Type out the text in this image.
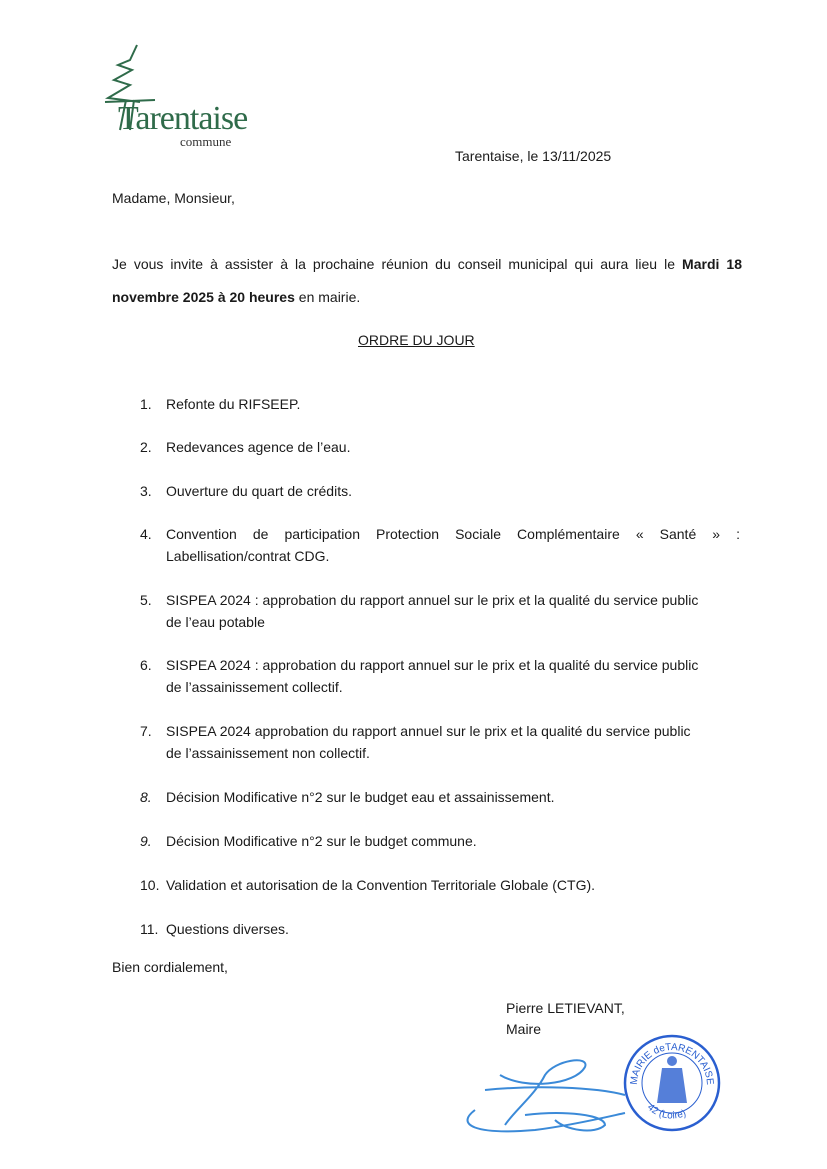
Tarentaise
commune
Tarentaise, le 13/11/2025
Madame, Monsieur,
Je vous invite à assister à la prochaine réunion du conseil municipal qui aura lieu le Mardi 18
novembre 2025 à 20 heures en mairie.
ORDRE DU JOUR
1. Refonte du RIFSEEP.
2. Redevances agence de l’eau.
3. Ouverture du quart de crédits.
4. Convention de participation Protection Sociale Complémentaire « Santé » :
Labellisation/contrat CDG.
5. SISPEA 2024 : approbation du rapport annuel sur le prix et la qualité du service public
de l’eau potable
6. SISPEA 2024 : approbation du rapport annuel sur le prix et la qualité du service public
de l’assainissement collectif.
7. SISPEA 2024 approbation du rapport annuel sur le prix et la qualité du service public
de l’assainissement non collectif.
8. Décision Modificative n°2 sur le budget eau et assainissement.
9. Décision Modificative n°2 sur le budget commune.
10. Validation et autorisation de la Convention Territoriale Globale (CTG).
11. Questions diverses.
Bien cordialement,
Pierre LETIEVANT,
Maire
MAIRIE deTARENTAISE
42 (Loire)
